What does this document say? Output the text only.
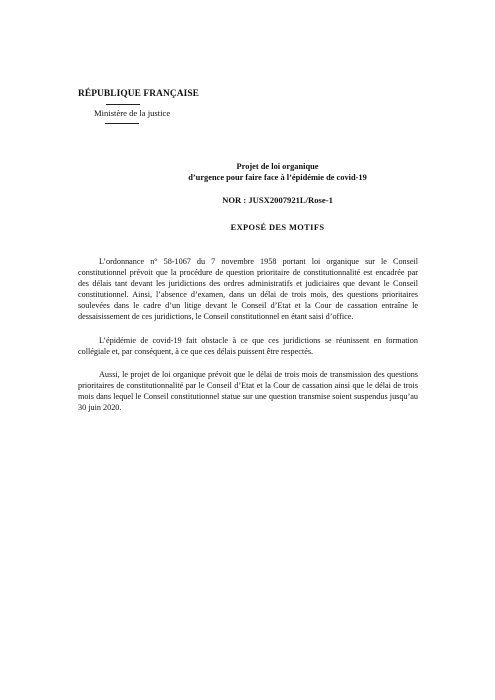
RÉPUBLIQUE FRANÇAISE
Ministère de la justice
Projet de loi organique
d’urgence pour faire face à l’épidémie de covid-19
NOR : JUSX2007921L/Rose-1
EXPOSÉ DES MOTIFS

L’ordonnance n° 58-1067 du 7 novembre 1958 portant loi organique sur le Conseil constitutionnel prévoit que la procédure de question prioritaire de constitutionnalité est encadrée par des délais tant devant les juridictions des ordres administratifs et judiciaires que devant le Conseil constitutionnel. Ainsi, l’absence d’examen, dans un délai de trois mois, des questions prioritaires soulevées dans le cadre d’un litige devant le Conseil d’Etat et la Cour de cassation entraîne le dessaisissement de ces juridictions, le Conseil constitutionnel en étant saisi d’office.

L’épidémie de covid-19 fait obstacle à ce que ces juridictions se réunissent en formation collégiale et, par conséquent, à ce que ces délais puissent être respectés.

Aussi, le projet de loi organique prévoit que le délai de trois mois de transmission des questions prioritaires de constitutionnalité par le Conseil d’Etat et la Cour de cassation ainsi que le délai de trois mois dans lequel le Conseil constitutionnel statue sur une question transmise soient suspendus jusqu’au 30 juin 2020.
